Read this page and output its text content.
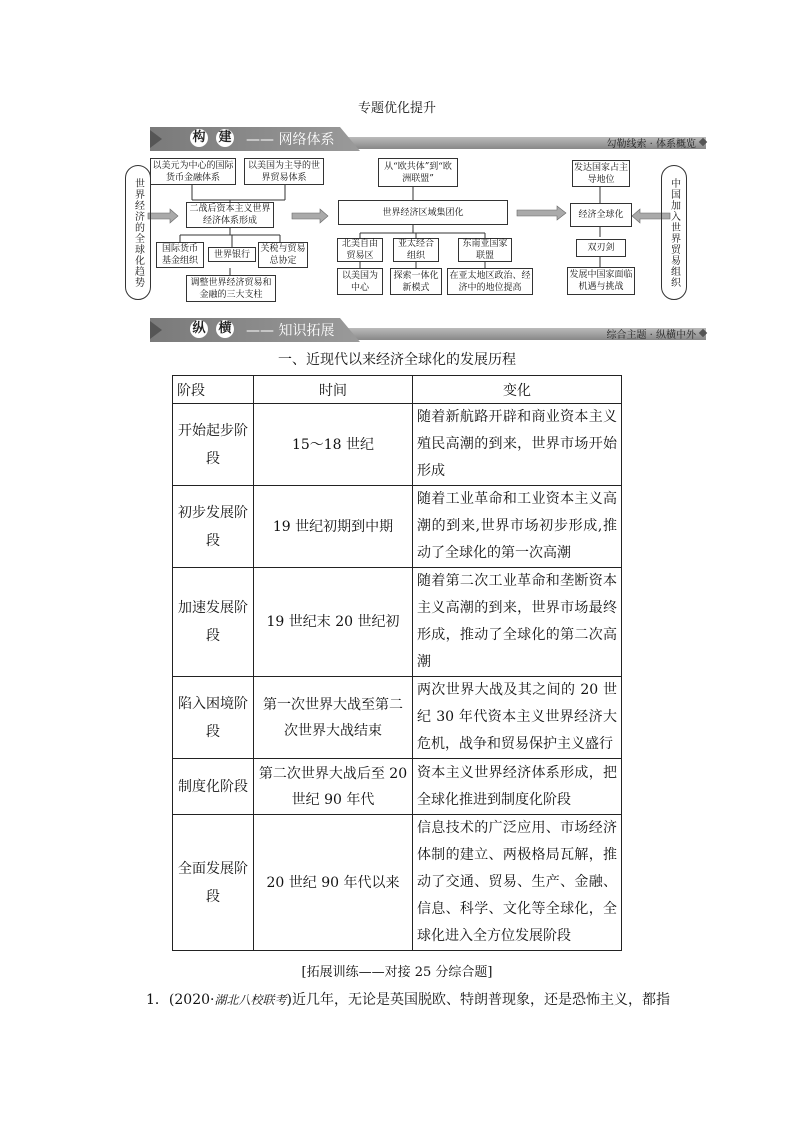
专题优化提升
构 建 —— 网络体系	勾勒线索 · 体系概览
世界经济的全球化趋势	中国加入世界贸易组织
以美元为中心的国际货币金融体系
以美国为主导的世界贸易体系
二战后资本主义世界经济体系形成
国际货币基金组织
世界银行
关税与贸易总协定
调整世界经济贸易和金融的三大支柱
从“欧共体”到“欧洲联盟”
世界经济区域集团化
北美自由贸易区
亚太经合组织
东南亚国家联盟
以美国为中心
探索一体化新模式
在亚太地区政治、经济中的地位提高
发达国家占主导地位
经济全球化
双刃剑
发展中国家面临机遇与挑战
纵 横 —— 知识拓展	综合主题 · 纵横中外
一、近现代以来经济全球化的发展历程
阶段	时间	变化
开始起步阶段	15～18 世纪	随着新航路开辟和商业资本主义殖民高潮的到来，世界市场开始形成
初步发展阶段	19 世纪初期到中期	随着工业革命和工业资本主义高潮的到来,世界市场初步形成,推动了全球化的第一次高潮
加速发展阶段	19 世纪末 20 世纪初	随着第二次工业革命和垄断资本主义高潮的到来，世界市场最终形成，推动了全球化的第二次高潮
陷入困境阶段	第一次世界大战至第二次世界大战结束	两次世界大战及其之间的 20 世纪 30 年代资本主义世界经济大危机，战争和贸易保护主义盛行
制度化阶段	第二次世界大战后至 20 世纪 90 年代	资本主义世界经济体系形成，把全球化推进到制度化阶段
全面发展阶段	20 世纪 90 年代以来	信息技术的广泛应用、市场经济体制的建立、两极格局瓦解，推动了交通、贸易、生产、金融、信息、科学、文化等全球化，全球化进入全方位发展阶段
[拓展训练——对接 25 分综合题]
1．(2020·湖北八校联考)近几年，无论是英国脱欧、特朗普现象，还是恐怖主义，都指
